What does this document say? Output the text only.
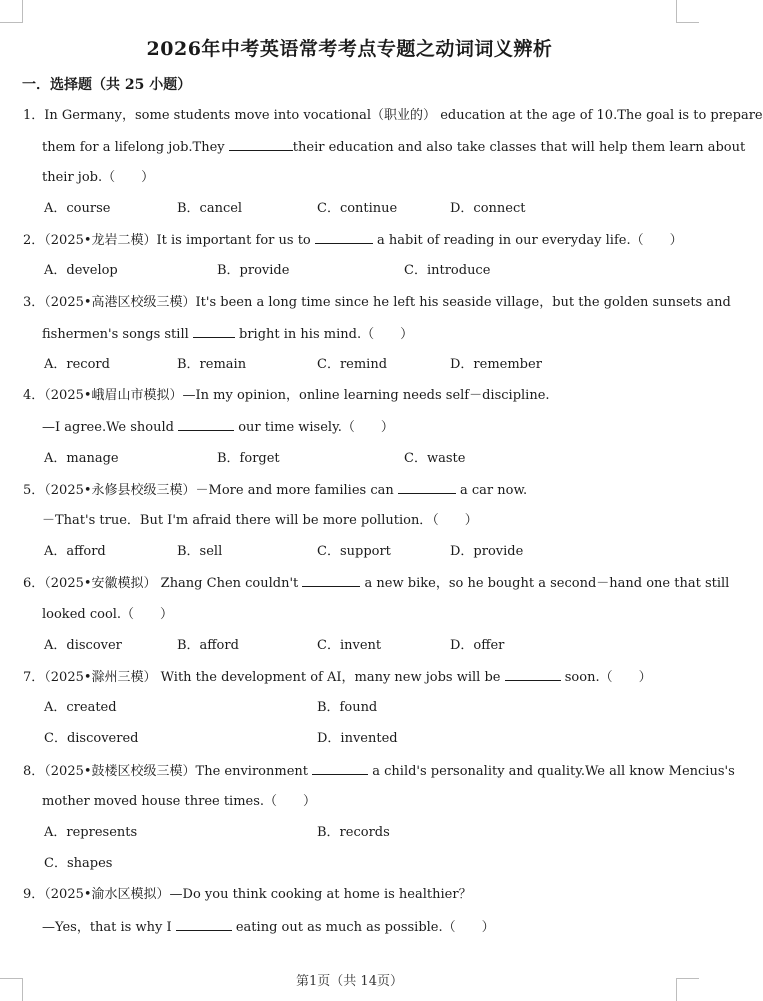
2026年中考英语常考考点专题之动词词义辨析
一．选择题（共 25 小题）
1．In Germany，some students move into vocational（职业的） education at the age of 10.The goal is to prepare
them for a lifelong job.They	their education and also take classes that will help them learn about
their job.（　　）
A．course	B．cancel	C．continue	D．connect
2．（2025•龙岩二模）It is important for us to	a habit of reading in our everyday life.（　　）
A．develop	B．provide	C．introduce
3．（2025•高港区校级三模）It's been a long time since he left his seaside village，but the golden sunsets and
fishermen's songs still	bright in his mind.（　　）
A．record	B．remain	C．remind	D．remember
4．（2025•峨眉山市模拟）—In my opinion，online learning needs self－discipline.
—I agree.We should	our time wisely.（　　）
A．manage	B．forget	C．waste
5．（2025•永修县校级三模）－More and more families can	a car now.
－That's true．But I'm afraid there will be more pollution．（　　）
A．afford	B．sell	C．support	D．provide
6．（2025•安徽模拟） Zhang Chen couldn't	a new bike，so he bought a second－hand one that still
looked cool.（　　）
A．discover	B．afford	C．invent	D．offer
7．（2025•滁州三模） With the development of AI，many new jobs will be	soon.（　　）
A．created	B．found
C．discovered	D．invented
8．（2025•鼓楼区校级三模）The environment	a child's personality and quality.We all know Mencius's
mother moved house three times.（　　）
A．represents	B．records
C．shapes
9．（2025•渝水区模拟）—Do you think cooking at home is healthier？
—Yes，that is why I	eating out as much as possible.（　　）
第1页（共 14页）
